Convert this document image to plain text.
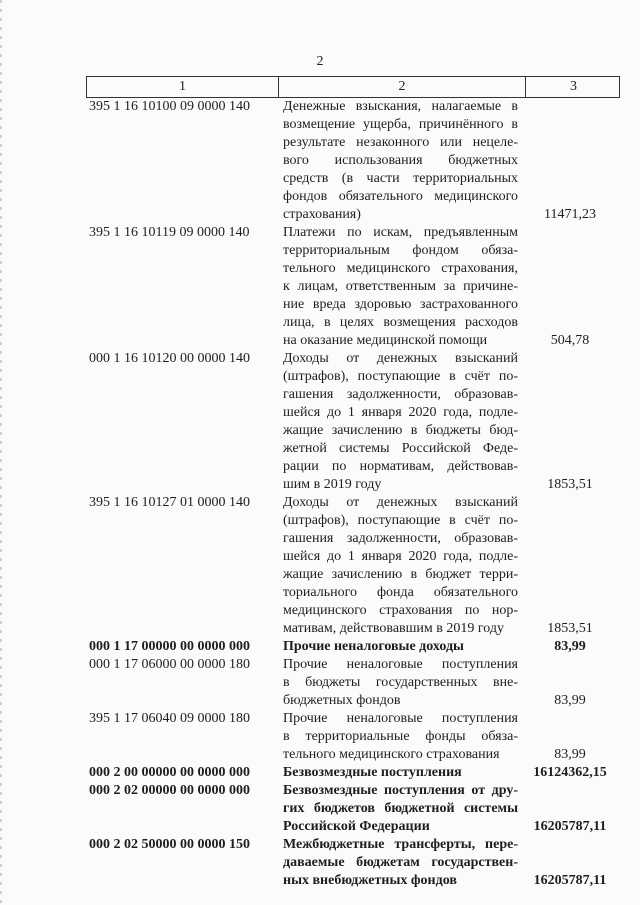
2
1	2	3
395 1 16 10100 09 0000 140	Денежные взыскания, налагаемые в
возмещение ущерба, причинённого в
результате незаконного или нецеле-
вого использования бюджетных
средств (в части территориальных
фондов обязательного медицинского
страхования)	11471,23
395 1 16 10119 09 0000 140	Платежи по искам, предъявленным
территориальным фондом обяза-
тельного медицинского страхования,
к лицам, ответственным за причине-
ние вреда здоровью застрахованного
лица, в целях возмещения расходов
на оказание медицинской помощи	504,78
000 1 16 10120 00 0000 140	Доходы от денежных взысканий
(штрафов), поступающие в счёт по-
гашения задолженности, образовав-
шейся до 1 января 2020 года, подле-
жащие зачислению в бюджеты бюд-
жетной системы Российской Феде-
рации по нормативам, действовав-
шим в 2019 году	1853,51
395 1 16 10127 01 0000 140	Доходы от денежных взысканий
(штрафов), поступающие в счёт по-
гашения задолженности, образовав-
шейся до 1 января 2020 года, подле-
жащие зачислению в бюджет терри-
ториального фонда обязательного
медицинского страхования по нор-
мативам, действовавшим в 2019 году	1853,51
000 1 17 00000 00 0000 000	Прочие неналоговые доходы	83,99
000 1 17 06000 00 0000 180	Прочие неналоговые поступления
в бюджеты государственных вне-
бюджетных фондов	83,99
395 1 17 06040 09 0000 180	Прочие неналоговые поступления
в территориальные фонды обяза-
тельного медицинского страхования	83,99
000 2 00 00000 00 0000 000	Безвозмездные поступления	16124362,15
000 2 02 00000 00 0000 000	Безвозмездные поступления от дру-
гих бюджетов бюджетной системы
Российской Федерации	16205787,11
000 2 02 50000 00 0000 150	Межбюджетные трансферты, пере-
даваемые бюджетам государствен-
ных внебюджетных фондов	16205787,11
